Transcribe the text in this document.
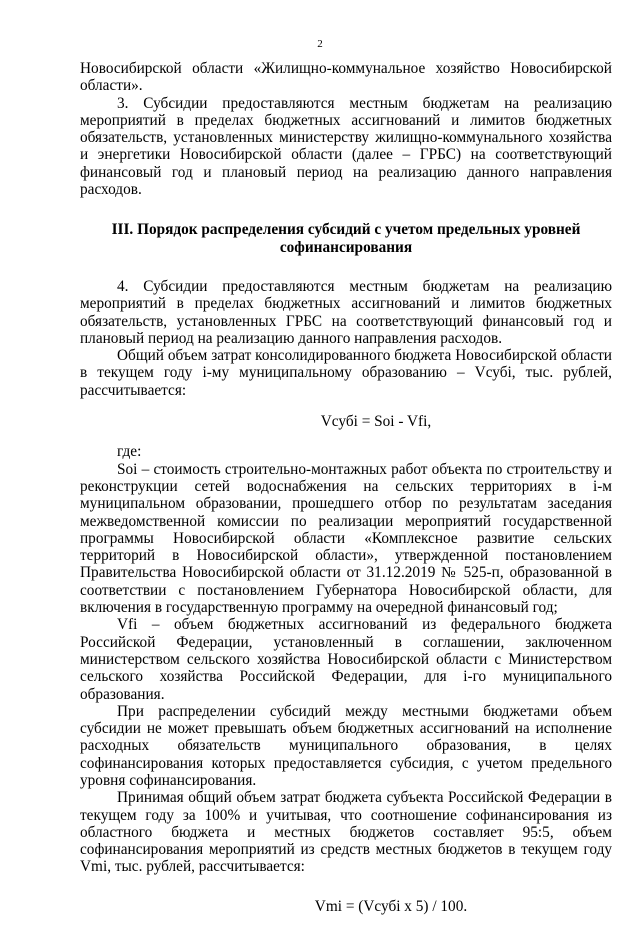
2

Новосибирской области «Жилищно-коммунальное хозяйство Новосибирской области».

3. Субсидии предоставляются местным бюджетам на реализацию мероприятий в пределах бюджетных ассигнований и лимитов бюджетных обязательств, установленных министерству жилищно-коммунального хозяйства и энергетики Новосибирской области (далее – ГРБС) на соответствующий финансовый год и плановый период на реализацию данного направления расходов.

III. Порядок распределения субсидий с учетом предельных уровней софинансирования

4. Субсидии предоставляются местным бюджетам на реализацию мероприятий в пределах бюджетных ассигнований и лимитов бюджетных обязательств, установленных ГРБС на соответствующий финансовый год и плановый период на реализацию данного направления расходов.

Общий объем затрат консолидированного бюджета Новосибирской области в текущем году i-му муниципальному образованию – Vсубi, тыс. рублей, рассчитывается:

Vсубi = Soi - Vfi,

где:

Soi – стоимость строительно-монтажных работ объекта по строительству и реконструкции сетей водоснабжения на сельских территориях в i-м муниципальном образовании, прошедшего отбор по результатам заседания межведомственной комиссии по реализации мероприятий государственной программы Новосибирской области «Комплексное развитие сельских территорий в Новосибирской области», утвержденной постановлением Правительства Новосибирской области от 31.12.2019 № 525-п, образованной в соответствии с постановлением Губернатора Новосибирской области, для включения в государственную программу на очередной финансовый год;

Vfi – объем бюджетных ассигнований из федерального бюджета Российской Федерации, установленный в соглашении, заключенном министерством сельского хозяйства Новосибирской области с Министерством сельского хозяйства Российской Федерации, для i-го муниципального образования.

При распределении субсидий между местными бюджетами объем субсидии не может превышать объем бюджетных ассигнований на исполнение расходных обязательств муниципального образования, в целях софинансирования которых предоставляется субсидия, с учетом предельного уровня софинансирования.

Принимая общий объем затрат бюджета субъекта Российской Федерации в текущем году за 100% и учитывая, что соотношение софинансирования из областного бюджета и местных бюджетов составляет 95:5, объем софинансирования мероприятий из средств местных бюджетов в текущем году Vmi, тыс. рублей, рассчитывается:

Vmi = (Vсубi x 5) / 100.
